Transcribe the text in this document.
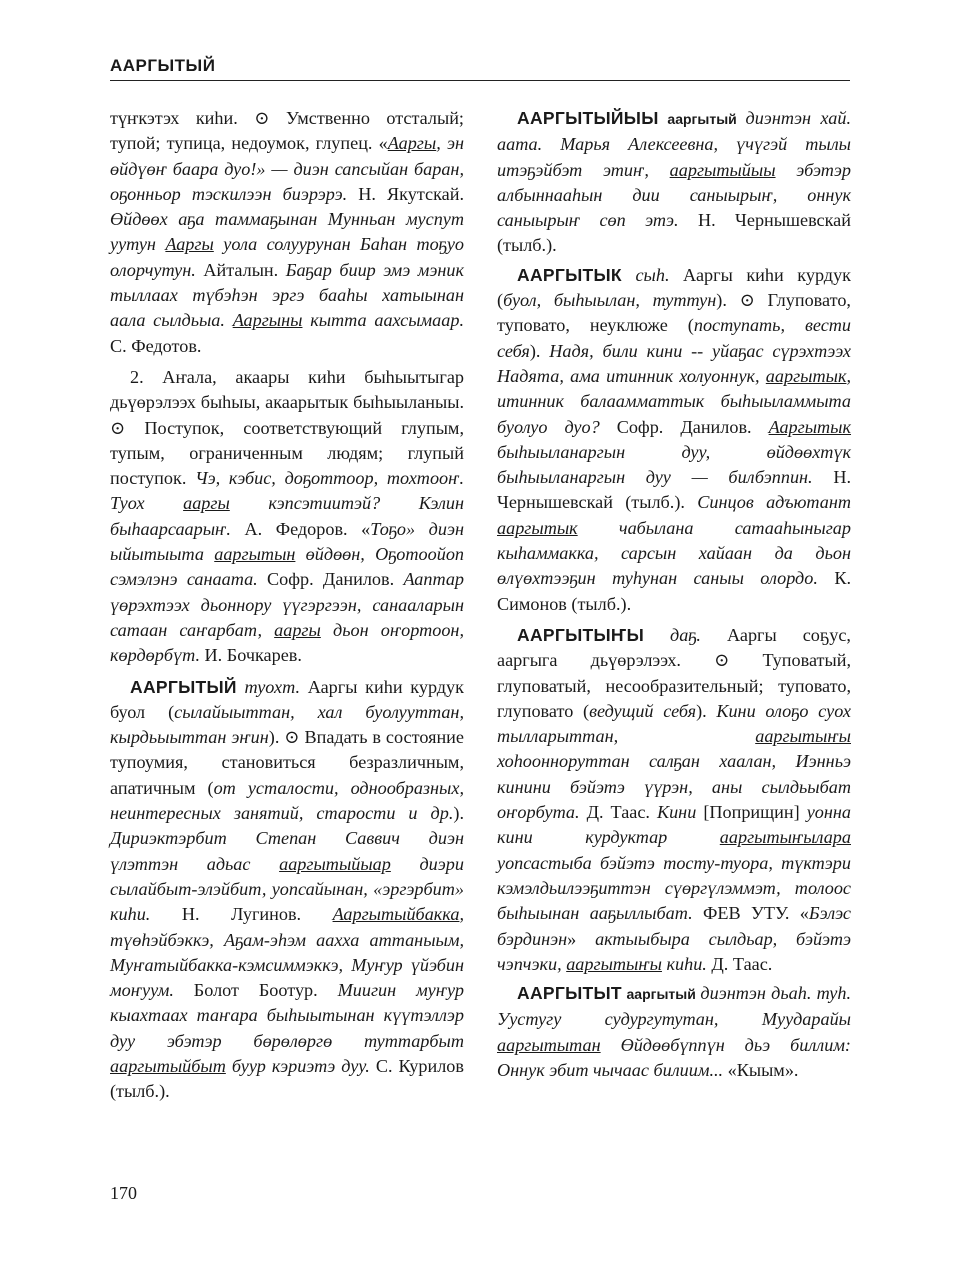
ААРГЫТЫЙ

түҥкэтэх киһи. ⊙ Умственно отсталый; тупой; тупица, недоумок, глупец. «Ааргы, эн өйдүөҥ баара дуо!» — диэн сапсыйан баран, оҕонньор тэскилээн биэрэрэ. Н. Якутскай. Өйдөөх аҕа таммаҕынан Мунньан муспут уутун Ааргы уола солуурунан Баһан тоҕуо олорчутун. Айталын. Баҕар биир эмэ мэник тыллаах түбэһэн эргэ бааһы хатыынан аала сылдьыа. Ааргыны кытта аахсымаар. С. Федотов.

2. Аҥала, акаары киһи быһыытыгар дьүөрэлээх быһыы, акаарытык быһыыланыы. ⊙ Поступок, соответствующий глупым, тупым, ограниченным людям; глупый поступок. Чэ, кэбис, доҕоттоор, тохтооҥ. Туох ааргы кэпсэтиитэй? Кэлин быһаарсаарыҥ. А. Федоров. «Тоҕо» диэн ыйытыыта ааргытын өйдөөн, Оҕотоойоп сэмэлэнэ санаата. Софр. Данилов. Ааптар үөрэхтээх дьоннору үүгэргээн, санааларын сатаан саҥарбат, ааргы дьон оҥортоон, көрдөрбүт. И. Бочкарев.

ААРГЫТЫЙ туохт. Ааргы киһи курдук буол (сылайыыттан, хал буолууттан, кырдьыыттан эҥин). ⊙ Впадать в состояние тупоумия, становиться безразличным, апатичным (от усталости, однообразных, неинтересных занятий, старости и др.). Дириэктэрбит Степан Саввич диэн үлэттэн адьас ааргытыйыар диэри сылайбыт-элэйбит, уопсайынан, «эргэрбит» киһи. Н. Лугинов. Ааргытыйбакка, түөһэйбэккэ, Аҕам-эһэм аахха аттаныым, Муҥатыйбакка-кэмсиммэккэ, Муҥур үйэбин моҥуум. Болот Боотур. Миигин муҥур кыахтаах таҥара быһыытынан күүтэллэр дуу эбэтэр бөрөлөргө туттарбыт ааргытыйбыт буур кэриэтэ дуу. С. Курилов (тылб.).

ААРГЫТЫЙЫЫ ааргытый диэнтэн хай. аата. Марья Алексеевна, үчүгэй тылы итэҕэйбэт этиҥ, ааргытыйыы эбэтэр албыннааһын дии саныырыҥ, оннук саныырыҥ сөп этэ. Н. Чернышевскай (тылб.).

ААРГЫТЫК сыһ. Ааргы киһи курдук (буол, быһыылан, туттун). ⊙ Глуповато, туповато, неуклюже (поступать, вести себя). Надя, били кини -- уйаҕас сүрэхтээх Надята, ама итинник холуоннук, ааргытык, итинник балаамматтык быһыыламмыта буолуо дуо? Софр. Данилов. Ааргытык быһыыланаргын дуу, өйдөөхтүк быһыыланаргын дуу — билбэппин. Н. Чернышевскай (тылб.). Синцов адъютант ааргытык чабылана сатааһыныгар кыһаммакка, сарсын хайаан да дьон өлүөхтээҕин туһунан саныы олордо. К. Симонов (тылб.).

ААРГЫТЫҤЫ даҕ. Ааргы соҕус, ааргыга дьүөрэлээх. ⊙ Туповатый, глуповатый, несообразительный; туповато, глуповато (ведущий себя). Кини олоҕо суох тылларыттан, ааргытыҥы хоһоонноруттан салҕан хаалан, Иэнньэ кинини бэйэтэ үүрэн, аны сылдьыбат оҥорбута. Д. Таас. Кини [Поприщин] уонна кини курдуктар ааргытыҥылара уопсастыба бэйэтэ тосту-туора, түктэри кэмэлдьилээҕиттэн сүөргүлэммэт, толоос быһыынан ааҕыллыбат. ФЕВ УТУ. «Бэлэс бэрдинэн» актыыбыра сылдьар, бэйэтэ чэпчэки, ааргытыҥы киһи. Д. Таас.

ААРГЫТЫТ ааргытый диэнтэн дьаһ. туһ. Уустугу судургутутан, Муударайы ааргытытан Өйдөөбүппүн дьэ биллим: Оннук эбит чычаас билиим... «Кыым».

170
